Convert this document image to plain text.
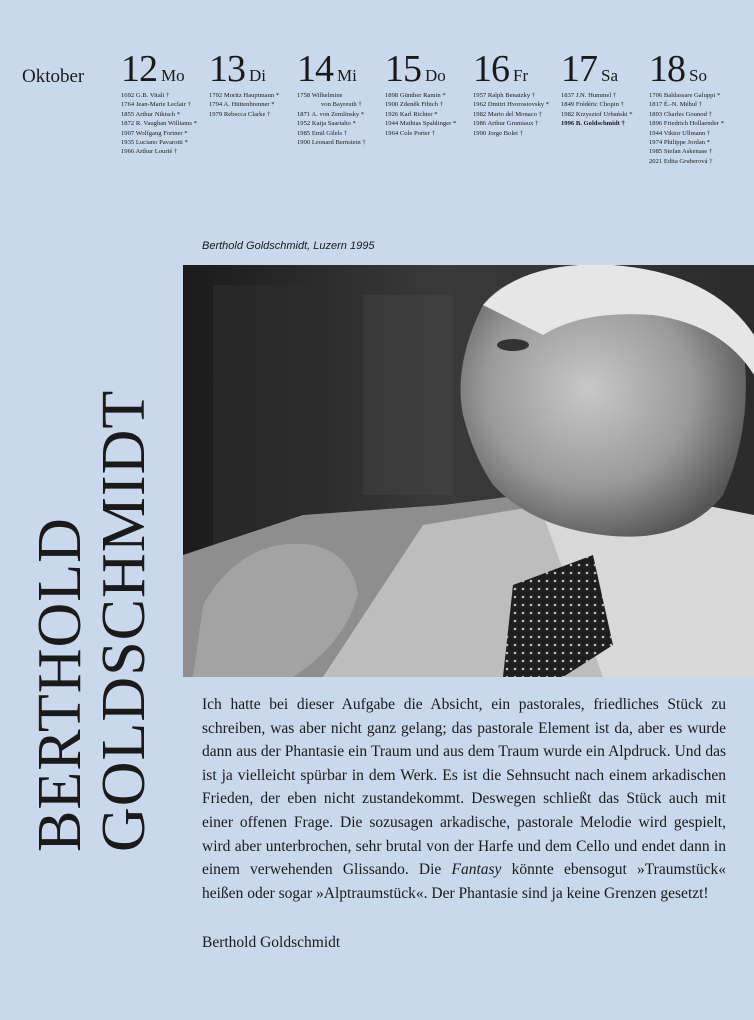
Oktober 12 Mo
1692 G.B. Vitali †
1764 Jean-Marie Leclair †
1855 Arthur Nikisch *
1872 R. Vaughan Williams *
1907 Wolfgang Fortner *
1935 Luciano Pavarotti *
1966 Arthur Lourié †
13 Di
1792 Moritz Hauptmann *
1794 A. Hüttenbrenner *
1979 Rebecca Clarke †
14 Mi
1758 Wilhelmine
von Bayreuth †
1871 A. von Zemlinsky *
1952 Kaija Saariaho *
1985 Emil Gilels †
1990 Leonard Bernstein †
15 Do
1898 Günther Ramin *
1900 Zdeněk Fibich †
1926 Karl Richter *
1944 Mathias Spahlinger *
1964 Cole Porter †
16 Fr
1957 Ralph Benatzky †
1962 Dmitri Hvorostovsky *
1982 Mario del Monaco †
1986 Arthur Grumiaux †
1990 Jorge Bolet †
17 Sa
1837 J.N. Hummel †
1849 Frédéric Chopin †
1982 Krzysztof Urbański *
1996 B. Goldschmidt †
18 So
1706 Baldassare Galuppi *
1817 É.-N. Méhul †
1893 Charles Gounod †
1896 Friedrich Hollaender *
1944 Viktor Ullmann †
1974 Philippe Jordan *
1985 Stefan Askenase †
2021 Edita Gruberová †
BERTHOLD
GOLDSCHMIDT
Berthold Goldschmidt, Luzern 1995

Ich hatte bei dieser Aufgabe die Absicht, ein pastorales, friedliches Stück zu schreiben, was aber nicht ganz gelang; das pastorale Element ist da, aber es wurde dann aus der Phantasie ein Traum und aus dem Traum wurde ein Alpdruck. Und das ist ja vielleicht spürbar in dem Werk. Es ist die Sehnsucht nach einem arkadischen Frieden, der eben nicht zustandekommt. Deswegen schließt das Stück auch mit einer offenen Frage. Die sozusagen arkadische, pastorale Melodie wird gespielt, wird aber unterbrochen, sehr brutal von der Harfe und dem Cello und endet dann in einem verwehenden Glissando. Die Fantasy könnte ebensogut »Traumstück« heißen oder sogar »Alptraumstück«. Der Phantasie sind ja keine Grenzen gesetzt!

Berthold Goldschmidt
